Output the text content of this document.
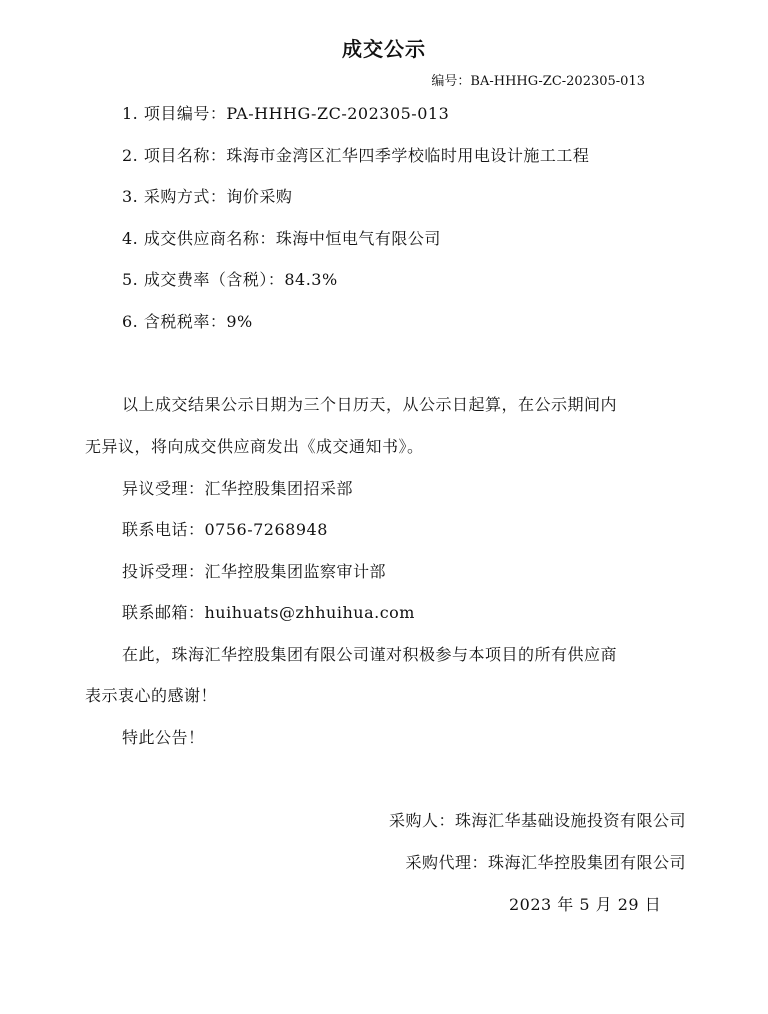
成交公示
编号：BA-HHHG-ZC-202305-013
1. 项目编号：PA-HHHG-ZC-202305-013
2. 项目名称：珠海市金湾区汇华四季学校临时用电设计施工工程
3. 采购方式：询价采购
4. 成交供应商名称：珠海中恒电气有限公司
5. 成交费率（含税）：84.3%
6. 含税税率：9%
以上成交结果公示日期为三个日历天，从公示日起算，在公示期间内
无异议，将向成交供应商发出《成交通知书》。
异议受理：汇华控股集团招采部
联系电话：0756-7268948
投诉受理：汇华控股集团监察审计部
联系邮箱：huihuats@zhhuihua.com
在此，珠海汇华控股集团有限公司谨对积极参与本项目的所有供应商
表示衷心的感谢！
特此公告！
采购人：珠海汇华基础设施投资有限公司
采购代理：珠海汇华控股集团有限公司
2023 年 5 月 29 日
